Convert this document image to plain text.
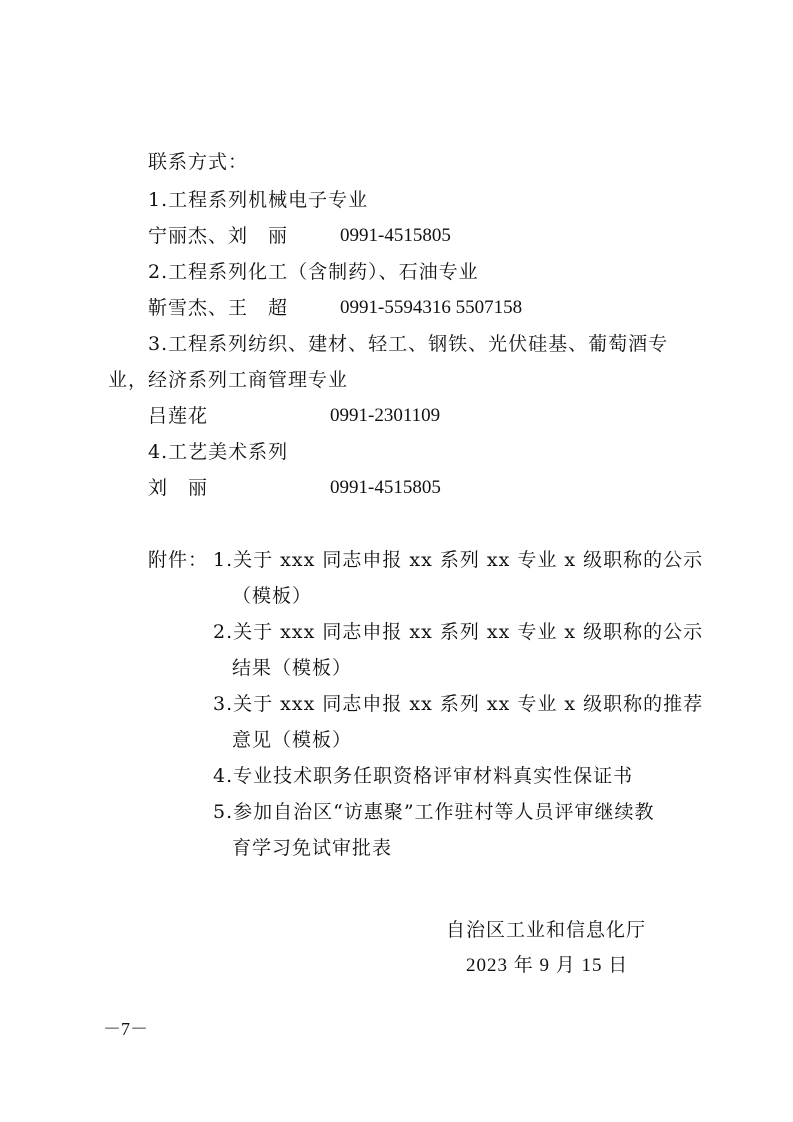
联系方式：
1.工程系列机械电子专业
宁丽杰、刘　丽	0991-4515805
2.工程系列化工（含制药）、石油专业
靳雪杰、王　超	0991-5594316 5507158
3.工程系列纺织、建材、轻工、钢铁、光伏硅基、葡萄酒专
业，经济系列工商管理专业
吕莲花	0991-2301109
4.工艺美术系列
刘　丽	0991-4515805
附件： 1.关于 xxx 同志申报 xx 系列 xx 专业 x 级职称的公示
（模板）
2.关于 xxx 同志申报 xx 系列 xx 专业 x 级职称的公示
结果（模板）
3.关于 xxx 同志申报 xx 系列 xx 专业 x 级职称的推荐
意见（模板）
4.专业技术职务任职资格评审材料真实性保证书
5.参加自治区“访惠聚”工作驻村等人员评审继续教
育学习免试审批表
自治区工业和信息化厅
2023 年 9 月 15 日
－7－
